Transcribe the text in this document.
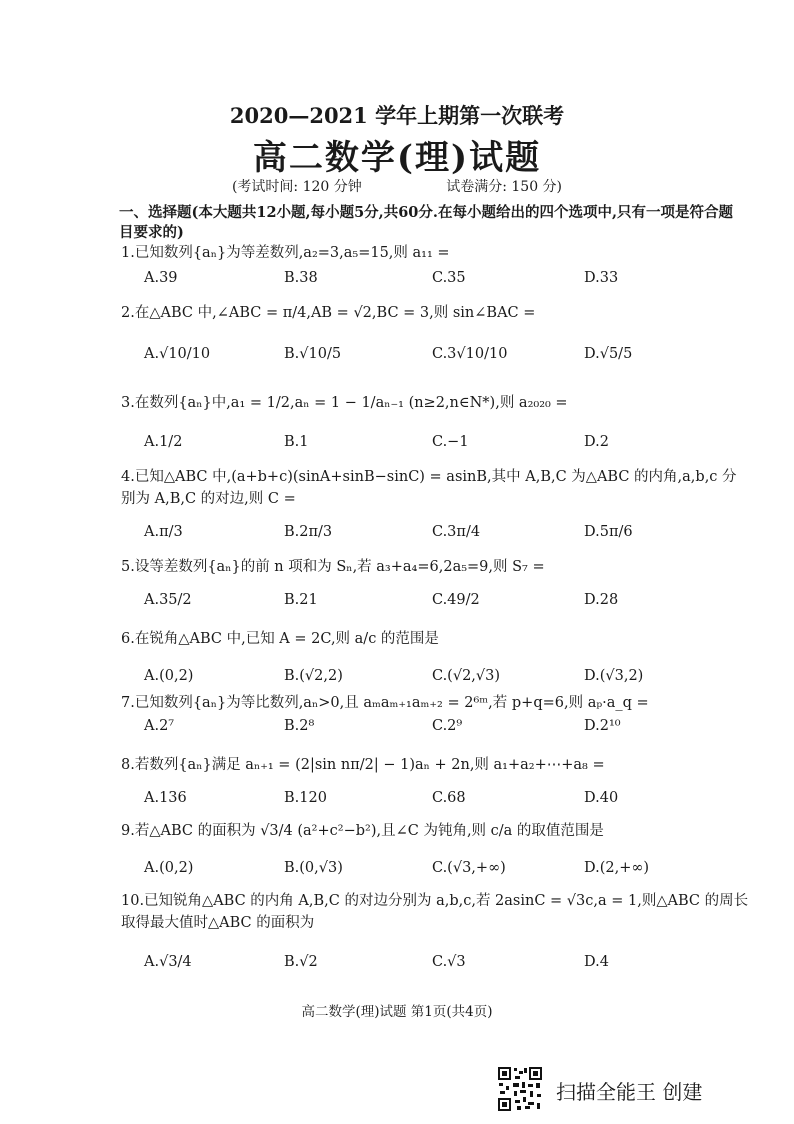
2020—2021 学年上期第一次联考
高二数学(理)试题
(考试时间: 120 分钟	试卷满分: 150 分)
一、选择题(本大题共12小题,每小题5分,共60分.在每小题给出的四个选项中,只有一项是符合题目要求的)
1.已知数列{aₙ}为等差数列,a₂=3,a₅=15,则 a₁₁ =
A.39	B.38	C.35	D.33
2.在△ABC 中,∠ABC = π/4,AB = √2,BC = 3,则 sin∠BAC =
A.√10/10	B.√10/5	C.3√10/10	D.√5/5
3.在数列{aₙ}中,a₁ = 1/2,aₙ = 1 − 1/aₙ₋₁ (n≥2,n∈N*),则 a₂₀₂₀ =
A.1/2	B.1	C.−1	D.2
4.已知△ABC 中,(a+b+c)(sinA+sinB−sinC) = asinB,其中 A,B,C 为△ABC 的内角,a,b,c 分别为 A,B,C 的对边,则 C =
A.π/3	B.2π/3	C.3π/4	D.5π/6
5.设等差数列{aₙ}的前 n 项和为 Sₙ,若 a₃+a₄=6,2a₅=9,则 S₇ =
A.35/2	B.21	C.49/2	D.28
6.在锐角△ABC 中,已知 A = 2C,则 a/c 的范围是
A.(0,2)	B.(√2,2)	C.(√2,√3)	D.(√3,2)
7.已知数列{aₙ}为等比数列,aₙ>0,且 aₘaₘ₊₁aₘ₊₂ = 2⁶ᵐ,若 p+q=6,则 aₚ·a_q =
A.2⁷	B.2⁸	C.2⁹	D.2¹⁰
8.若数列{aₙ}满足 aₙ₊₁ = (2|sin nπ/2| − 1)aₙ + 2n,则 a₁+a₂+⋯+a₈ =
A.136	B.120	C.68	D.40
9.若△ABC 的面积为 √3/4 (a²+c²−b²),且∠C 为钝角,则 c/a 的取值范围是
A.(0,2)	B.(0,√3)	C.(√3,+∞)	D.(2,+∞)
10.已知锐角△ABC 的内角 A,B,C 的对边分别为 a,b,c,若 2asinC = √3c,a = 1,则△ABC 的周长取得最大值时△ABC 的面积为
A.√3/4	B.√2	C.√3	D.4
高二数学(理)试题 第1页(共4页)
扫描全能王 创建
